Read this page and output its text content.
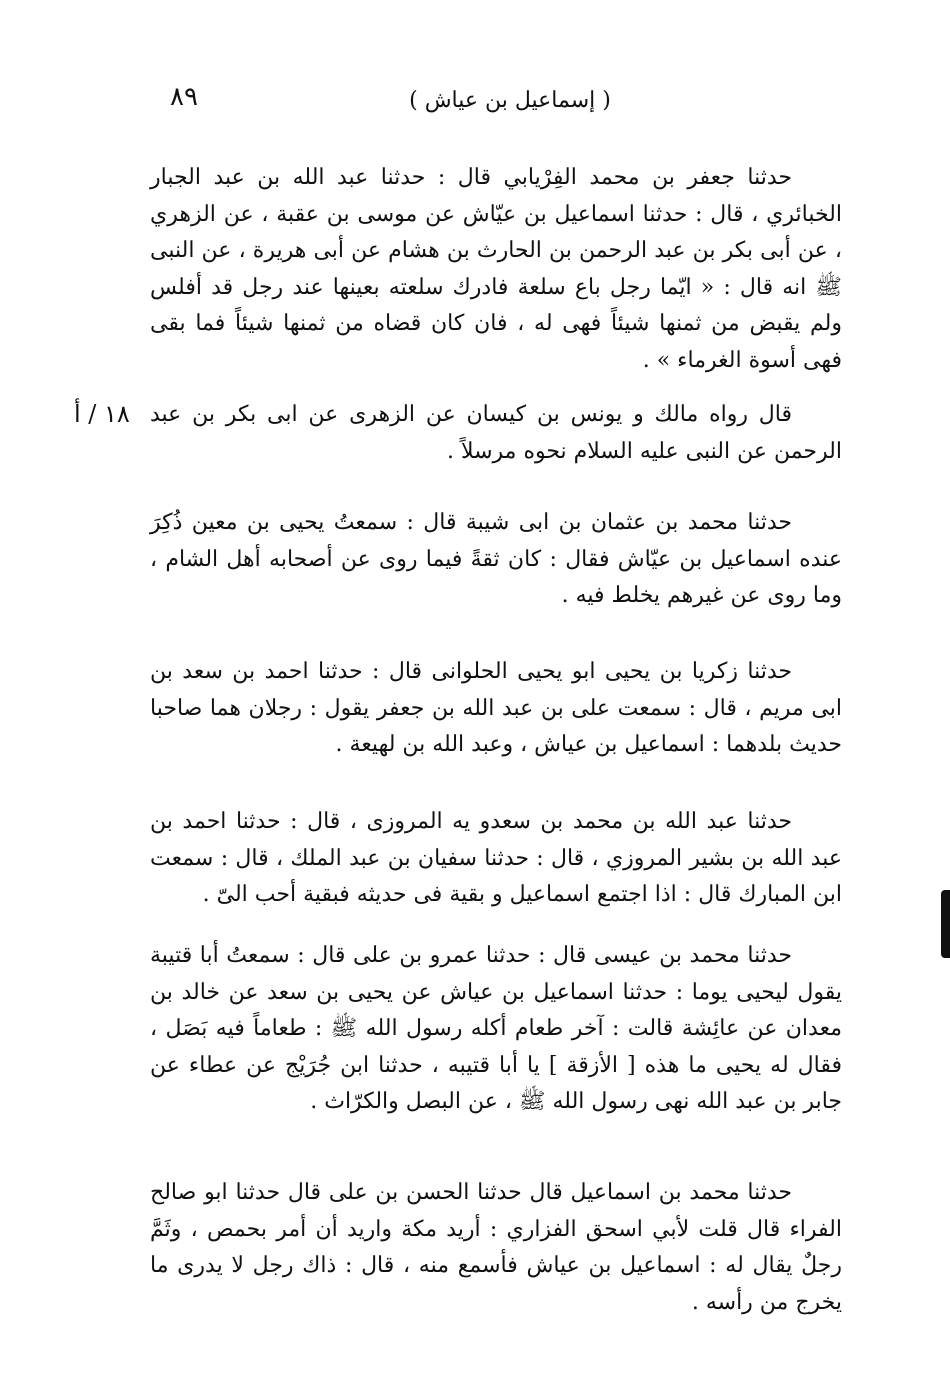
٨٩	( إسماعيل بن عياش )

حدثنا جعفر بن محمد الفِرْيابي قال : حدثنا عبد الله بن عبد الجبار الخبائري ، قال : حدثنا اسماعيل بن عيّاش عن موسى بن عقبة ، عن الزهري ، عن أبى بكر بن عبد الرحمن بن الحارث بن هشام عن أبى هريرة ، عن النبى ﷺ انه قال : « ايّما رجل باع سلعة فادرك سلعته بعينها عند رجل قد أفلس ولم يقبض من ثمنها شيئاً فهى له ، فان كان قضاه من ثمنها شيئاً فما بقى فهى أسوة الغرماء » .

١٨ / أ قال رواه مالك و يونس بن كيسان عن الزهرى عن ابى بكر بن عبد الرحمن عن النبى عليه السلام نحوه مرسلاً .

حدثنا محمد بن عثمان بن ابى شيبة قال : سمعتُ يحيى بن معين ذُكِرَ عنده اسماعيل بن عيّاش فقال : كان ثقةً فيما روى عن أصحابه أهل الشام ، وما روى عن غيرهم يخلط فيه .

حدثنا زكريا بن يحيى ابو يحيى الحلوانى قال : حدثنا احمد بن سعد بن ابى مريم ، قال : سمعت على بن عبد الله بن جعفر يقول : رجلان هما صاحبا حديث بلدهما : اسماعيل بن عياش ، وعبد الله بن لهيعة .

حدثنا عبد الله بن محمد بن سعدو يه المروزى ، قال : حدثنا احمد بن عبد الله بن بشير المروزي ، قال : حدثنا سفيان بن عبد الملك ، قال : سمعت ابن المبارك قال : اذا اجتمع اسماعيل و بقية فى حديثه فبقية أحب الىّ .

حدثنا محمد بن عيسى قال : حدثنا عمرو بن على قال : سمعتُ أبا قتيبة يقول ليحيى يوما : حدثنا اسماعيل بن عياش عن يحيى بن سعد عن خالد بن معدان عن عائِشة قالت : آخر طعام أكله رسول الله ﷺ : طعاماً فيه بَصَل ، فقال له يحيى ما هذه [ الأزقة ] يا أبا قتيبه ، حدثنا ابن جُرَيْج عن عطاء عن جابر بن عبد الله نهى رسول الله ﷺ ، عن البصل والكرّاث .

حدثنا محمد بن اسماعيل قال حدثنا الحسن بن على قال حدثنا ابو صالح الفراء قال قلت لأبي اسحق الفزاري : أريد مكة واريد أن أمر بحمص ، وثَمَّ رجلٌ يقال له : اسماعيل بن عياش فأسمع منه ، قال : ذاك رجل لا يدرى ما يخرج من رأسه .
